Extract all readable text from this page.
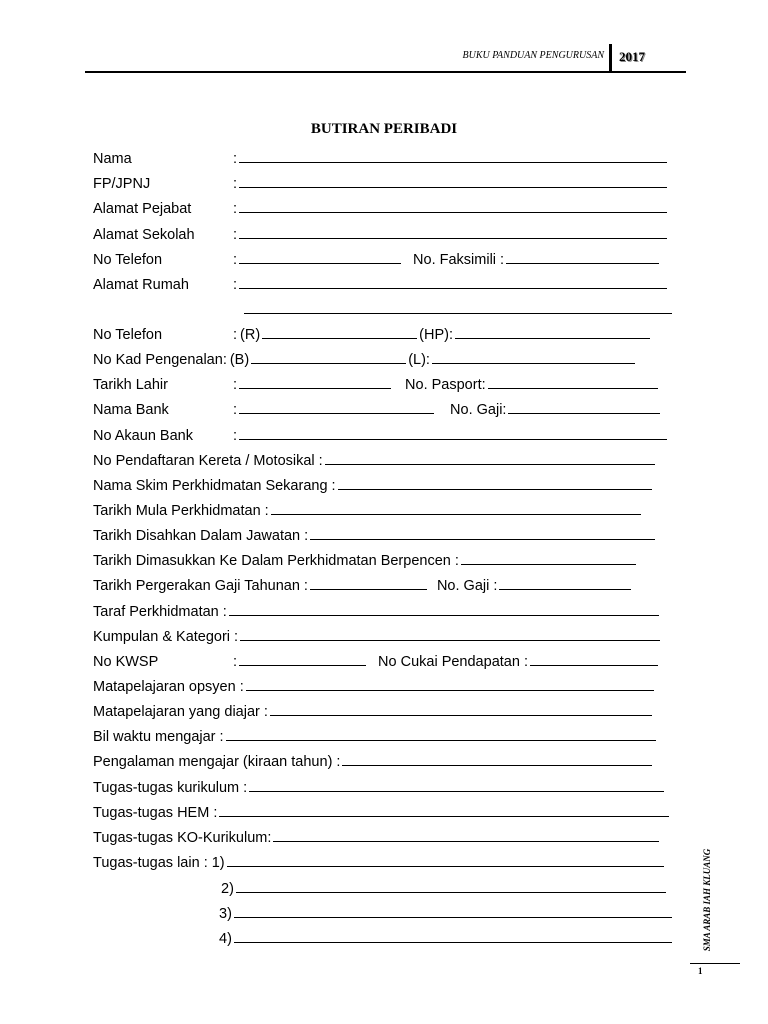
BUKU PANDUAN PENGURUSAN 2017
BUTIRAN PERIBADI
Nama	:
FP/JPNJ	:
Alamat Pejabat	:
Alamat Sekolah	:
No Telefon	:	No. Faksimili :
Alamat Rumah	:
No Telefon	: (R)	(HP):
No Kad Pengenalan: (B)	(L):
Tarikh Lahir	:	No. Pasport:
Nama Bank	:	No. Gaji:
No Akaun Bank	:
No Pendaftaran Kereta / Motosikal :
Nama Skim Perkhidmatan Sekarang :
Tarikh Mula Perkhidmatan :
Tarikh Disahkan Dalam Jawatan :
Tarikh Dimasukkan Ke Dalam Perkhidmatan Berpencen :
Tarikh Pergerakan Gaji Tahunan :	No. Gaji :
Taraf Perkhidmatan :
Kumpulan & Kategori :
No KWSP	:	No Cukai Pendapatan :
Matapelajaran opsyen :
Matapelajaran yang diajar :
Bil waktu mengajar :
Pengalaman mengajar (kiraan tahun) :
Tugas-tugas kurikulum :
Tugas-tugas HEM :
Tugas-tugas KO-Kurikulum:
Tugas-tugas lain : 1)
2)
3)
4)	SMA ARAB IAH KLUANG
1
